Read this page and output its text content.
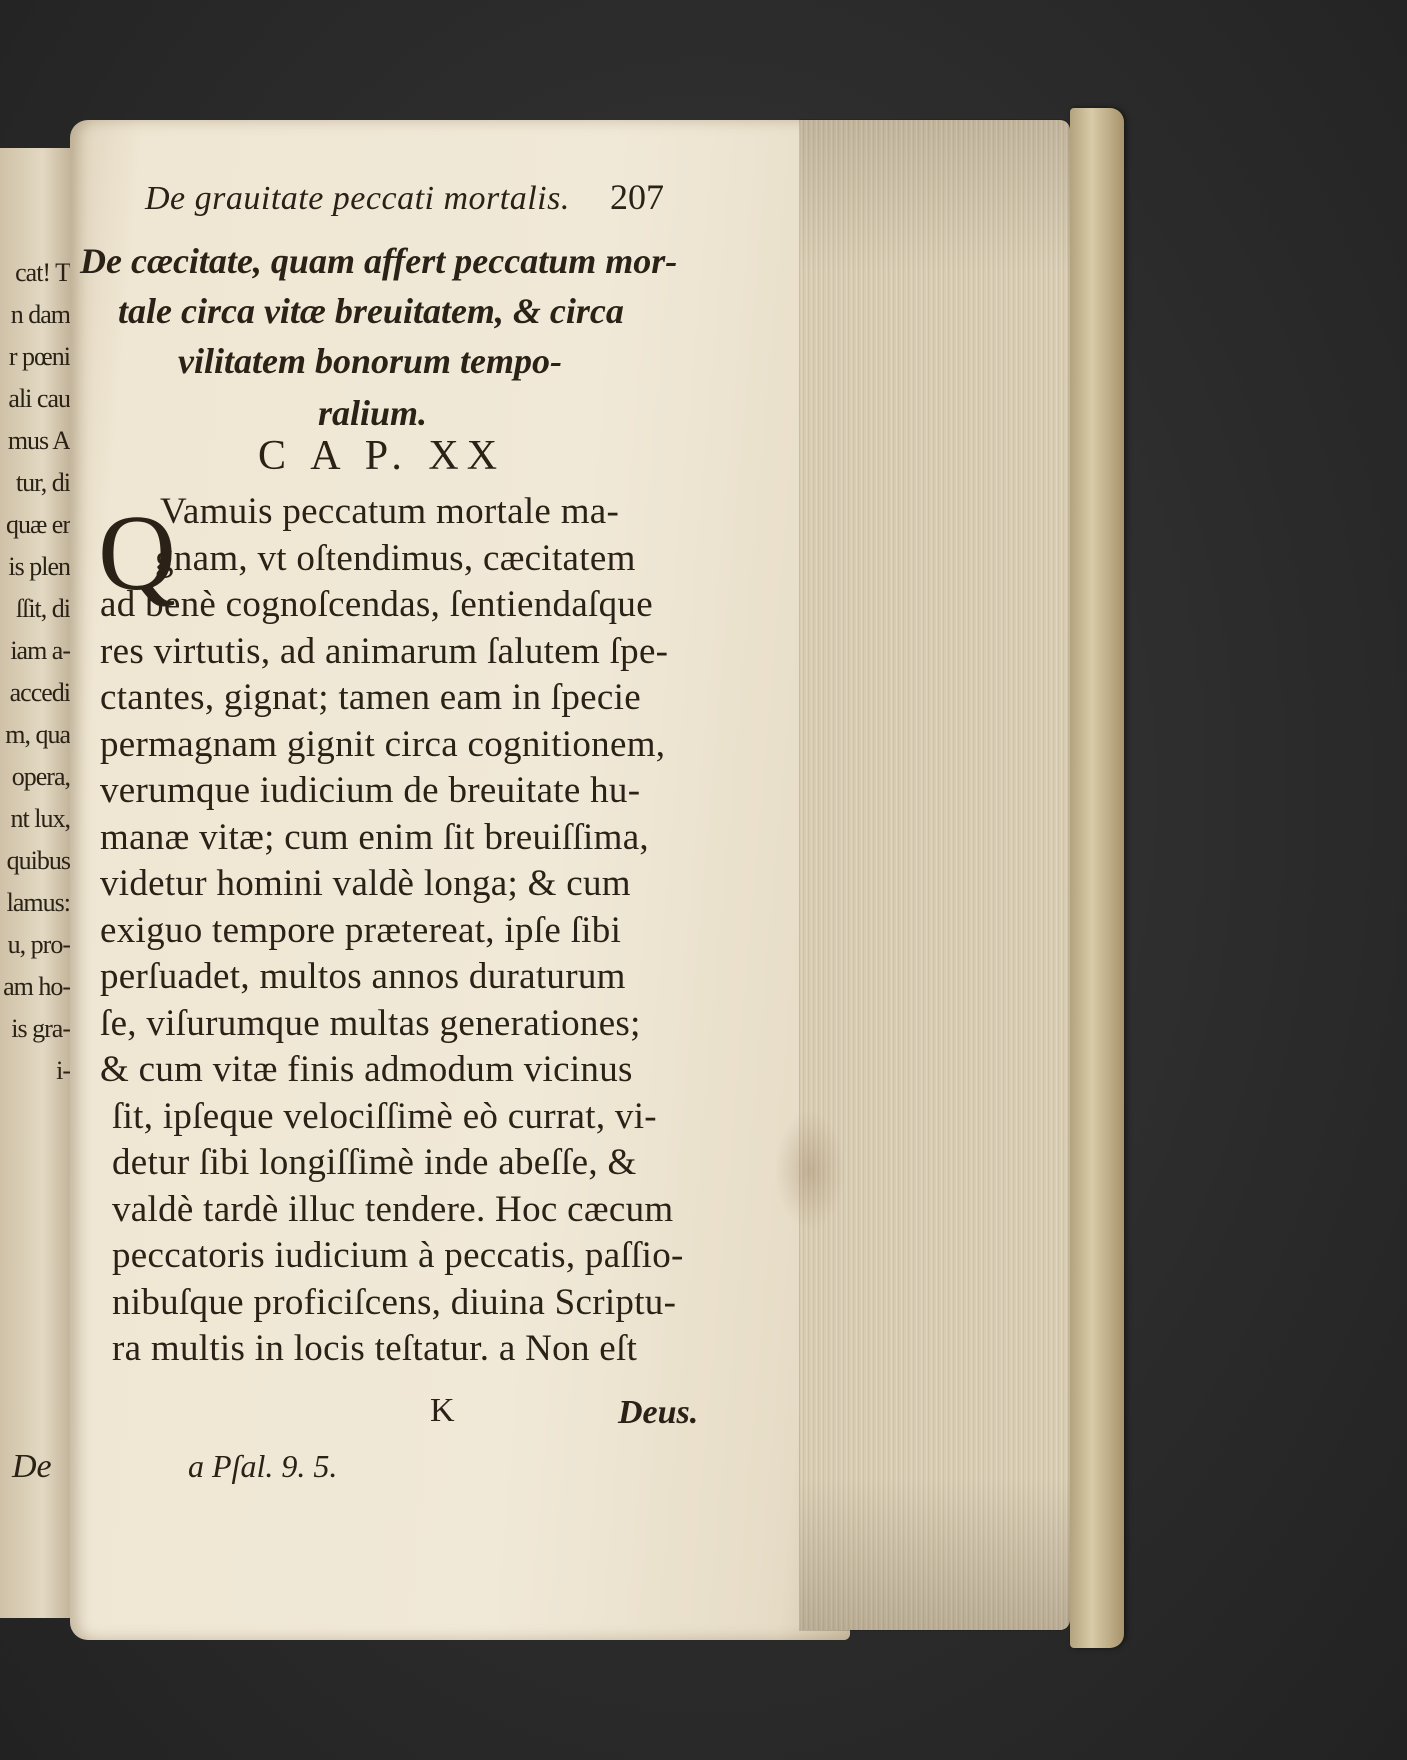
cat! T
n dam
r pœni
ali cau
mus A
tur, di
quæ er
is plen
ſſit, di
iam a-
accedi
m, qua
opera,
nt lux,
quibus
lamus:
u, pro-
am ho-
is gra-
i-
De
De grauitate peccati mortalis. 207
De cæcitate, quam affert peccatum mor-
tale circa vitæ breuitatem, & circa
vilitatem bonorum tempo-
ralium.
C A P. XX
Q
Vamuis peccatum mortale ma-
gnam, vt oſtendimus, cæcitatem
ad benè cognoſcendas, ſentiendaſque
res virtutis, ad animarum ſalutem ſpe-
ctantes, gignat; tamen eam in ſpecie
permagnam gignit circa cognitionem,
verumque iudicium de breuitate hu-
manæ vitæ; cum enim ſit breuiſſima,
videtur homini valdè longa; & cum
exiguo tempore prætereat, ipſe ſibi
perſuadet, multos annos duraturum
ſe, viſurumque multas generationes;
& cum vitæ finis admodum vicinus
ſit, ipſeque velociſſimè eò currat, vi-
detur ſibi longiſſimè inde abeſſe, &
valdè tardè illuc tendere. Hoc cæcum
peccatoris iudicium à peccatis, paſſio-
nibuſque proficiſcens, diuina Scriptu-
ra multis in locis teſtatur. a Non eſt
K	Deus.
a Pſal. 9. 5.
